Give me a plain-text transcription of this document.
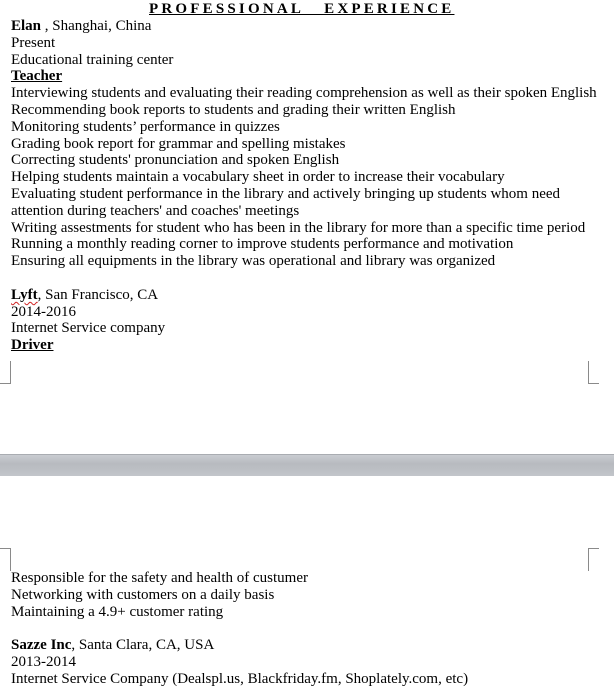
PROFESSIONAL   EXPERIENCE
Elan , Shanghai, China
Present
Educational training center
Teacher
Interviewing students and evaluating their reading comprehension as well as their spoken English
Recommending book reports to students and grading their written English
Monitoring students’ performance in quizzes
Grading book report for grammar and spelling mistakes
Correcting students' pronunciation and spoken English
Helping students maintain a vocabulary sheet in order to increase their vocabulary
Evaluating student performance in the library and actively bringing up students whom need
attention during teachers' and coaches' meetings
Writing assestments for student who has been in the library for more than a specific time period
Running a monthly reading corner to improve students performance and motivation
Ensuring all equipments in the library was operational and library was organized
Lyft, San Francisco, CA
2014-2016
Internet Service company
Driver
Responsible for the safety and health of custumer
Networking with customers on a daily basis
Maintaining a 4.9+ customer rating
Sazze Inc, Santa Clara, CA, USA
2013-2014
Internet Service Company (Dealspl.us, Blackfriday.fm, Shoplately.com, etc)
